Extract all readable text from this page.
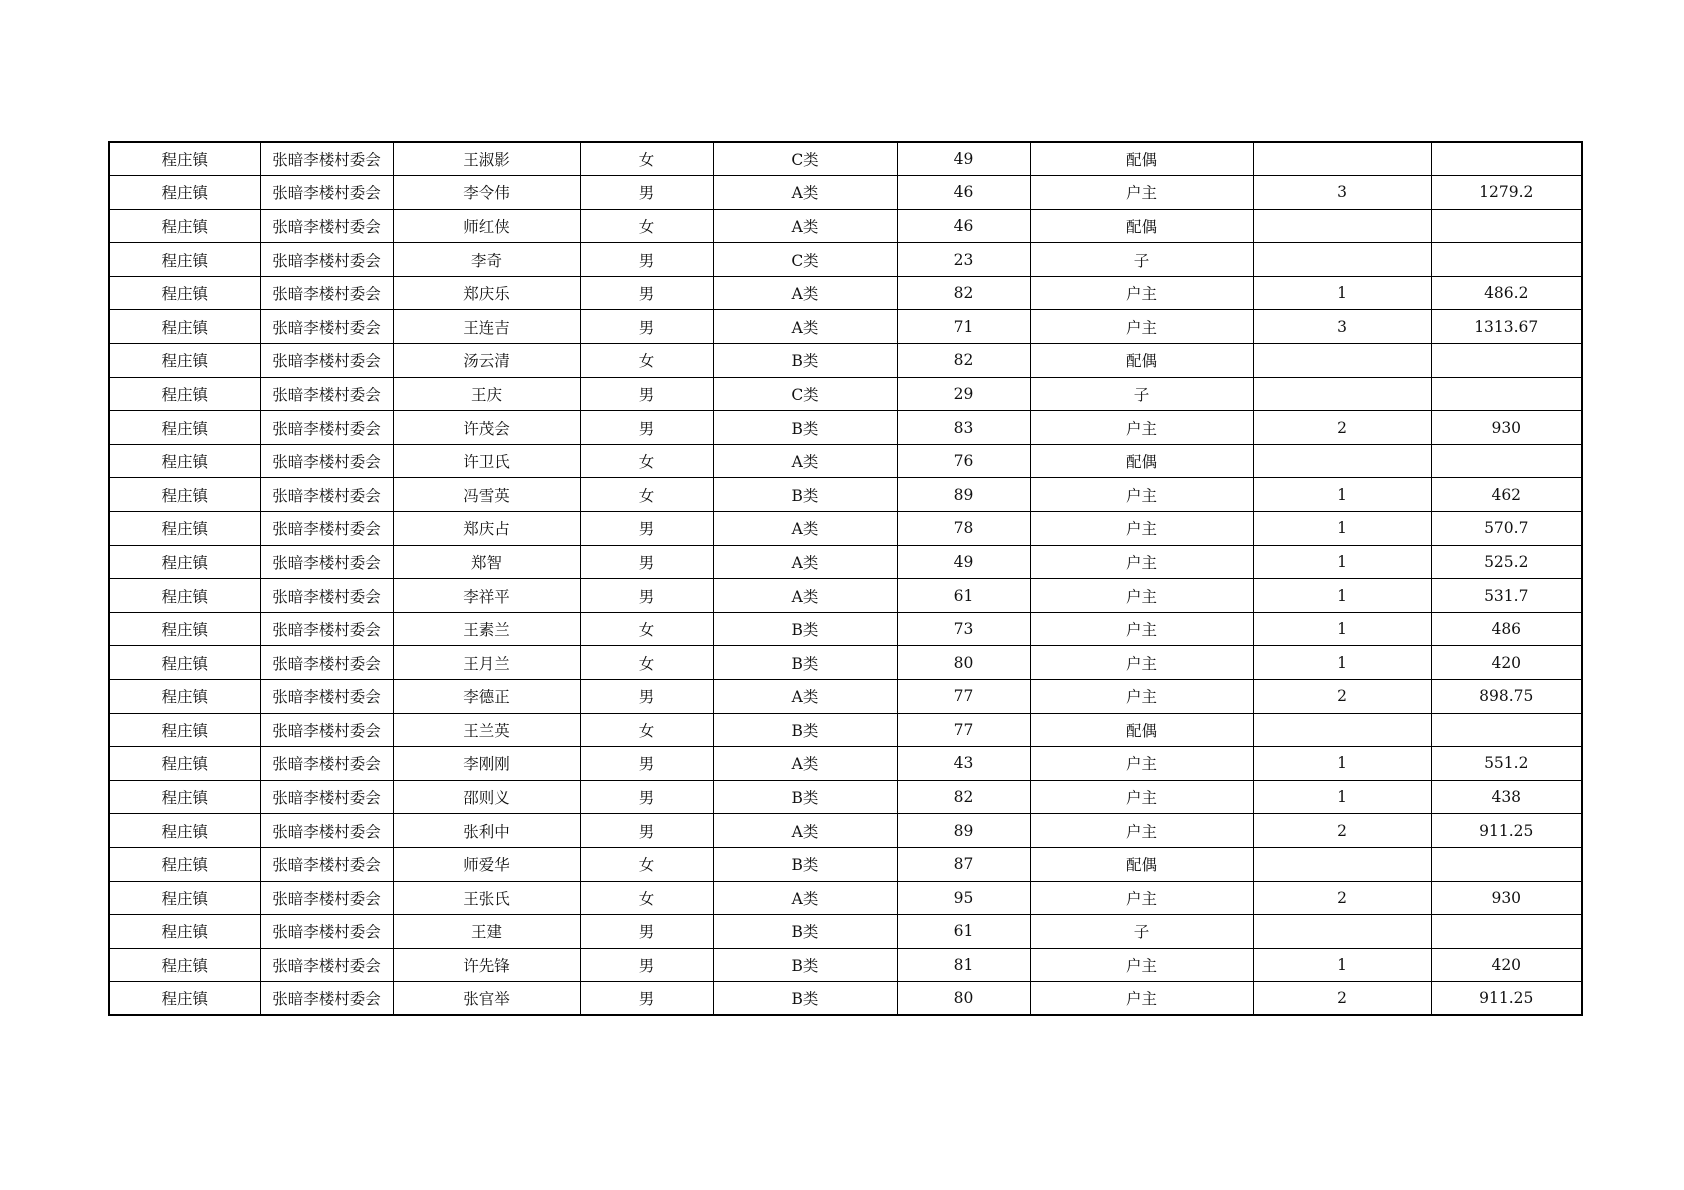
程庄镇	张暗李楼村委会	王淑影	女	C类	49	配偶		
程庄镇	张暗李楼村委会	李令伟	男	A类	46	户主	3	1279.2
程庄镇	张暗李楼村委会	师红侠	女	A类	46	配偶		
程庄镇	张暗李楼村委会	李奇	男	C类	23	子		
程庄镇	张暗李楼村委会	郑庆乐	男	A类	82	户主	1	486.2
程庄镇	张暗李楼村委会	王连吉	男	A类	71	户主	3	1313.67
程庄镇	张暗李楼村委会	汤云清	女	B类	82	配偶		
程庄镇	张暗李楼村委会	王庆	男	C类	29	子		
程庄镇	张暗李楼村委会	许茂会	男	B类	83	户主	2	930
程庄镇	张暗李楼村委会	许卫氏	女	A类	76	配偶		
程庄镇	张暗李楼村委会	冯雪英	女	B类	89	户主	1	462
程庄镇	张暗李楼村委会	郑庆占	男	A类	78	户主	1	570.7
程庄镇	张暗李楼村委会	郑智	男	A类	49	户主	1	525.2
程庄镇	张暗李楼村委会	李祥平	男	A类	61	户主	1	531.7
程庄镇	张暗李楼村委会	王素兰	女	B类	73	户主	1	486
程庄镇	张暗李楼村委会	王月兰	女	B类	80	户主	1	420
程庄镇	张暗李楼村委会	李德正	男	A类	77	户主	2	898.75
程庄镇	张暗李楼村委会	王兰英	女	B类	77	配偶		
程庄镇	张暗李楼村委会	李刚刚	男	A类	43	户主	1	551.2
程庄镇	张暗李楼村委会	邵则义	男	B类	82	户主	1	438
程庄镇	张暗李楼村委会	张利中	男	A类	89	户主	2	911.25
程庄镇	张暗李楼村委会	师爱华	女	B类	87	配偶		
程庄镇	张暗李楼村委会	王张氏	女	A类	95	户主	2	930
程庄镇	张暗李楼村委会	王建	男	B类	61	子		
程庄镇	张暗李楼村委会	许先锋	男	B类	81	户主	1	420
程庄镇	张暗李楼村委会	张官举	男	B类	80	户主	2	911.25
